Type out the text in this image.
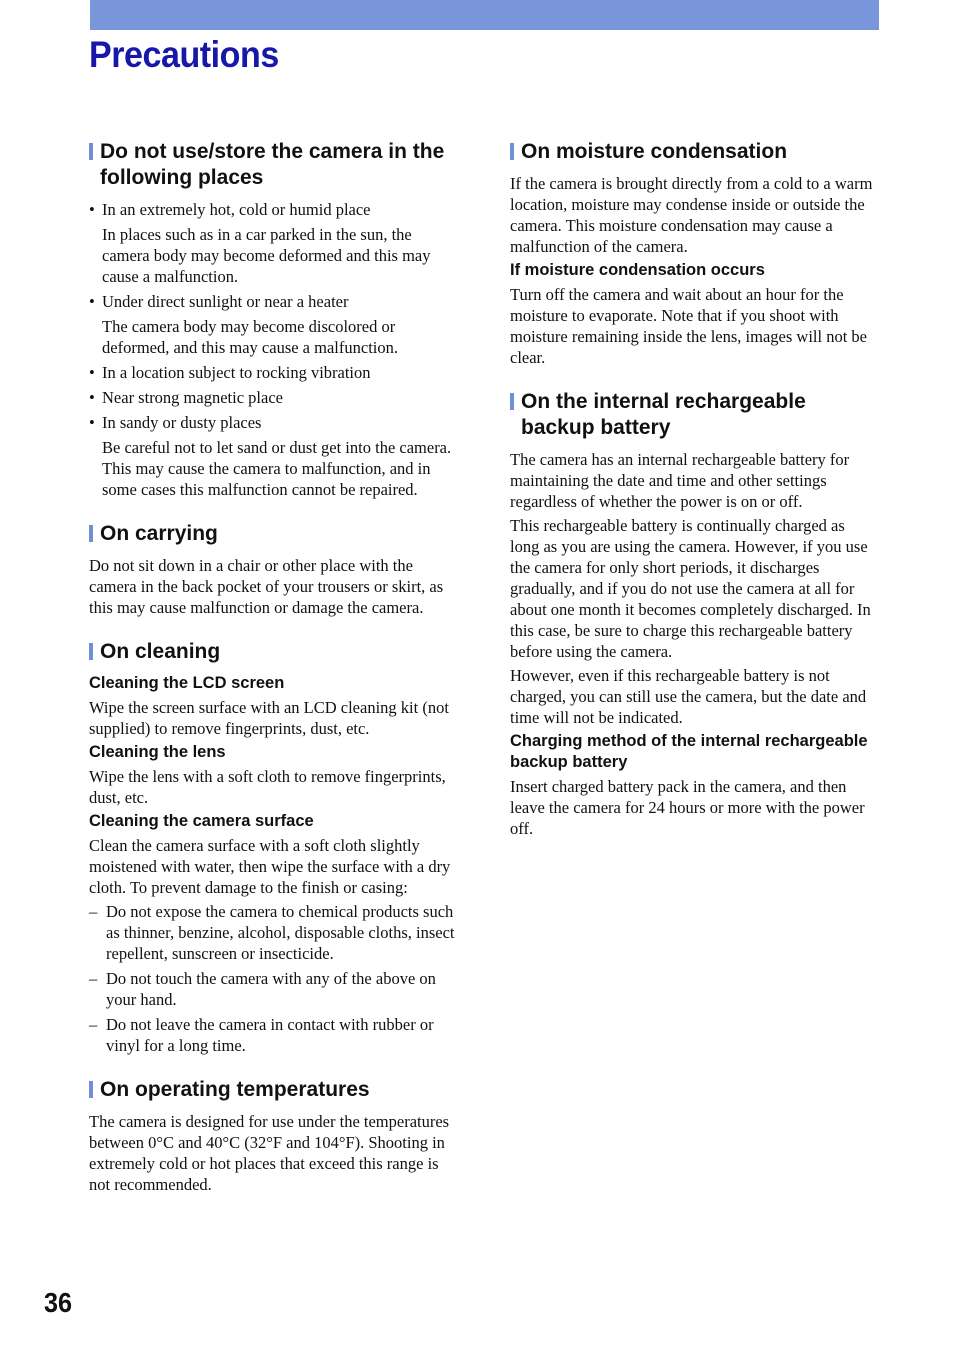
Precautions
Do not use/store the camera in the following places
• In an extremely hot, cold or humid place
In places such as in a car parked in the sun, the camera body may become deformed and this may cause a malfunction.
• Under direct sunlight or near a heater
The camera body may become discolored or deformed, and this may cause a malfunction.
• In a location subject to rocking vibration
• Near strong magnetic place
• In sandy or dusty places
Be careful not to let sand or dust get into the camera. This may cause the camera to malfunction, and in some cases this malfunction cannot be repaired.
On carrying

Do not sit down in a chair or other place with the camera in the back pocket of your trousers or skirt, as this may cause malfunction or damage the camera.

On cleaning
Cleaning the LCD screen

Wipe the screen surface with an LCD cleaning kit (not supplied) to remove fingerprints, dust, etc.

Cleaning the lens

Wipe the lens with a soft cloth to remove fingerprints, dust, etc.

Cleaning the camera surface

Clean the camera surface with a soft cloth slightly moistened with water, then wipe the surface with a dry cloth. To prevent damage to the finish or casing:

– Do not expose the camera to chemical products such as thinner, benzine, alcohol, disposable cloths, insect repellent, sunscreen or insecticide.
– Do not touch the camera with any of the above on your hand.
– Do not leave the camera in contact with rubber or vinyl for a long time.
On operating temperatures

The camera is designed for use under the temperatures between 0°C and 40°C (32°F and 104°F). Shooting in extremely cold or hot places that exceed this range is not recommended.

On moisture condensation

If the camera is brought directly from a cold to a warm location, moisture may condense inside or outside the camera. This moisture condensation may cause a malfunction of the camera.

If moisture condensation occurs

Turn off the camera and wait about an hour for the moisture to evaporate. Note that if you shoot with moisture remaining inside the lens, images will not be clear.

On the internal rechargeable backup battery

The camera has an internal rechargeable battery for maintaining the date and time and other settings regardless of whether the power is on or off.

This rechargeable battery is continually charged as long as you are using the camera. However, if you use the camera for only short periods, it discharges gradually, and if you do not use the camera at all for about one month it becomes completely discharged. In this case, be sure to charge this rechargeable battery before using the camera.

However, even if this rechargeable battery is not charged, you can still use the camera, but the date and time will not be indicated.

Charging method of the internal rechargeable backup battery

Insert charged battery pack in the camera, and then leave the camera for 24 hours or more with the power off.

36
